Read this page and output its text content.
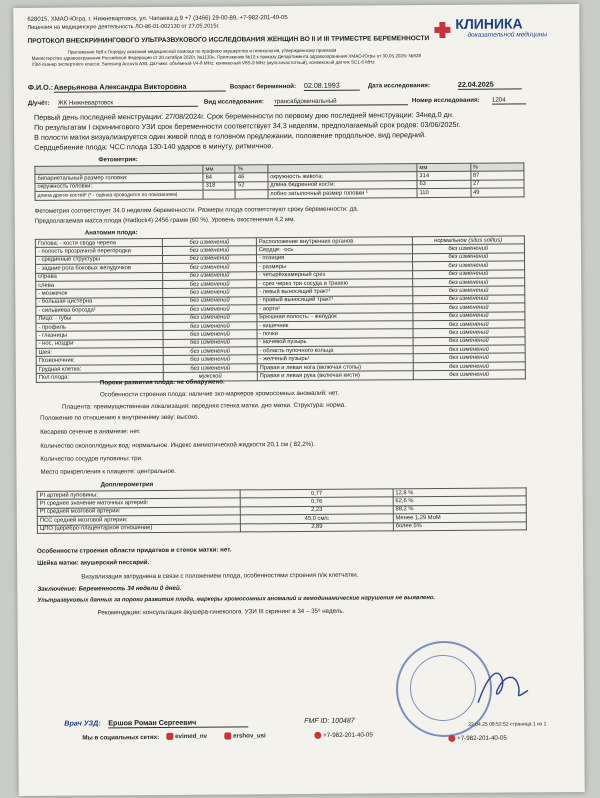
628015, ХМАО-Югра, г. Нижневартовск, ул. Чапаева д.9 +7 (3466) 29-00-89, +7-982-201-40-05
Лицензия на медицинскую деятельность ЛО-86-01-002130 от 27.05.2015г.	КЛИНИКА
доказательной медицины
ПРОТОКОЛ ВНЕСКРИНИНГОВОГО УЛЬТРАЗВУКОВОГО ИССЛЕДОВАНИЯ ЖЕНЩИН ВО II И III ТРИМЕСТРЕ БЕРЕМЕННОСТИ
Приложение №9 к Порядку оказания медицинской помощи по профилю акушерство и гинекология, утвержденному приказом
Министерства здравоохранения Российской Федерации от 20 октября 2020г. №1130н. Приложение №10 к приказу Департамента здравоохранения ХМАО-Югры от 30.05.2025г №828
УЗИ-сканер экспертного класса: Samsung Accuvix A30. Датчики: объёмный V4-8 MHz, конвексный V8S-9 MHz (мультичастотный), конвексный датчик SC1-6 MHz
Ф.И.О.: Аверьянова Александра Викторовна	Возраст беременной: 02.08.1993	Дата исследования:	22.04.2025
Д/учёт: ЖК Нижневартовск	Вид исследования: трансабдоминальный	Номер исследования: 1204
Первый день последней менструации: 27/08/2024г. Срок беременности по первому дню последней менструации: 34нед.0 дн.
По результатам I скринингового УЗИ срок беременности соответствует 34,3 неделям, предполагаемый срок родов: 03/06/2025г.
В полости матки визуализируется один живой плод в головном предлежании, положение продольное, вид передний.
Сердцебиение плода: ЧСС плода 130-140 ударов в минуту, ритмичное.
Фетометрия:
	мм	%		мм	%
бипариетальный размер головки:	84	46	окружность живота:	314	87
окружность головки:	318	52	длина бедренной кости:	63	27
длина других костей¹ (¹ - оценка проводится по показаниям)			лобно затылочный размер головки ¹	110	49
Фетометрия соответствует 34.0 неделям беременности. Размеры плода соответствуют сроку беременности: да.
Предполагаемая масса плода (Hadlock4) 2456 грамм (60 %). Уровень окостенения 4,2 мм.
Анатомия плода:
Голова: - кости свода черепа	без изменений	Расположение внутренних органов	нормальное (situs solitus)
- полость прозрачной перегородки	без изменений	Сердце: -ось	без изменений
- срединные структуры	без изменений	- позиция	без изменений
- задние рога боковых желудочков	без изменений	- размеры	без изменений
справа	без изменений	- четырёхкамерный срез	без изменений
слева	без изменений	- срез через три сосуда и трахею	без изменений
- мозжечок	без изменений	- левый выносящий тракт¹	без изменений
- большая цистерна	без изменений	- правый выносящий тракт¹	без изменений
- сильвиева борозда¹	без изменений	- аорта¹	без изменений
Лицо: - губы	без изменений	Брюшная полость: - желудок	без изменений
- профиль	без изменений	- кишечник	без изменений
- глазницы	без изменений	- почки	без изменений
- нос, ноздри	без изменений	- мочевой пузырь	без изменений
Шея:	без изменений	- область пупочного кольца	без изменений
Позвоночник:	без изменений	- желчный пузырь¹	без изменений
Грудная клетка:	без изменений	Правая и левая нога (включая стопы)	без изменений
Пол плода:	мужской	Правая и левая рука (включая кисти)	без изменений
Пороки развития плода: не обнаружено.
Особенности строения плода: наличие эхо-маркеров хромосомных аномалий: нет.
Плацента: преимущественная локализация: передняя стенка матки, дно матки. Структура: норма.
Положение по отношению к внутреннему зеву: высоко.
Кесарево сечение в анамнезе: нет.
Количество околоплодных вод: нормальное. Индекс амниотической жидкости 20,1 см ( 82,2%).
Количество сосудов пуповины: три.
Место прикрепления к плаценте: центральное.
Допплерометрия
PI артерий пуповины:	0,77	12,8 %
PI среднее значение маточных артерий:	0,76	62,6 %
PI средней мозговой артерии:	2,23	88,2 %
ПСС средней мозговой артерии:	45,0 см/с	Менее 1,29 МоМ
ЦПО (церебро-плацентарное отношение)	2,89	более 5%
Особенности строения области придатков и стенок матки: нет.
Шейка матки: акушерский пессарий.
Визуализация затруднена в связи с положением плода, особенностями строения п/ж клетчатки.
Заключение: Беременность 34 недели 0 дней.
Ультразвуковых данных за пороки развития плода, маркеры хромосомных аномалий и гемодинамические нарушения не выявлено.
Рекомендации: консультация акушера-гинеколога. УЗИ III скрининг в 34 – 35⁶ недель.
Врач УЗД: Ершов Роман Сергеевич
Мы в социальных сетях:	evimed_nv	ershov_usi
FMF ID: 100487
+7-982-201-40-05
22.04.25 08:52:52 страница 1 из 1
+7-982-201-40-05
